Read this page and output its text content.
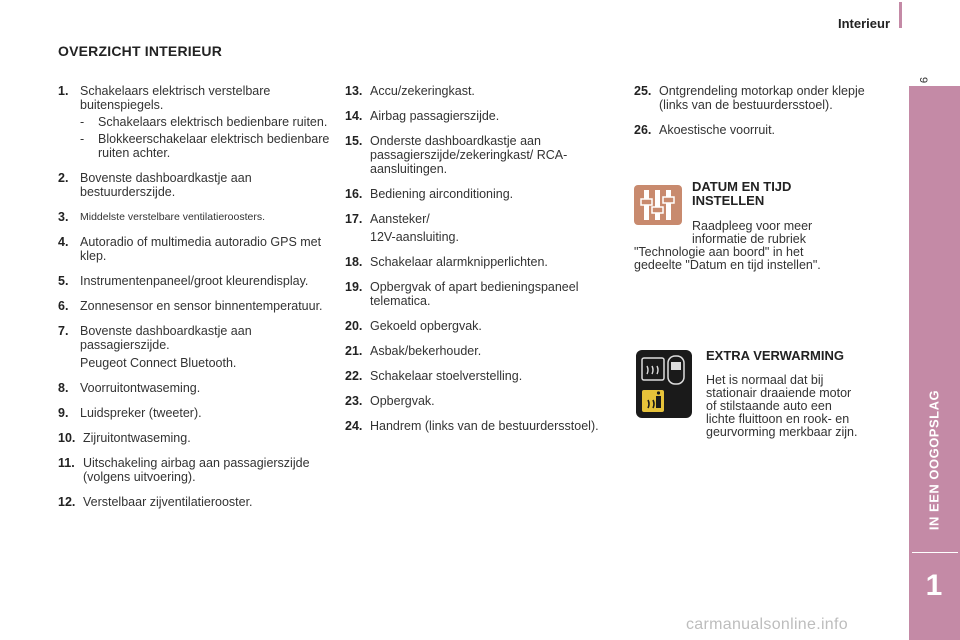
Interieur
9
OVERZICHT INTERIEUR
1. Schakelaars elektrisch verstelbare buitenspiegels.
-	Schakelaars elektrisch bedienbare ruiten.
-	Blokkeerschakelaar elektrisch bedienbare ruiten achter.
2. Bovenste dashboardkastje aan bestuurderszijde.
3.	Middelste verstelbare ventilatieroosters.
4. Autoradio of multimedia autoradio GPS met klep.
5. Instrumentenpaneel/groot kleurendisplay.
6. Zonnesensor en sensor binnentemperatuur.
7. Bovenste dashboardkastje aan passagierszijde.
Peugeot Connect Bluetooth.
8. Voorruitontwaseming.
9. Luidspreker (tweeter).
10. Zijruitontwaseming.
11. Uitschakeling airbag aan passagierszijde (volgens uitvoering).
12. Verstelbaar zijventilatierooster.
13. Accu/zekeringkast.
14. Airbag passagierszijde.
15. Onderste dashboardkastje aan passagierszijde/zekeringkast/ RCA-aansluitingen.
16. Bediening airconditioning.
17. Aansteker/
12V-aansluiting.
18. Schakelaar alarmknipperlichten.
19. Opbergvak of apart bedieningspaneel telematica.
20. Gekoeld opbergvak.
21. Asbak/bekerhouder.
22. Schakelaar stoelverstelling.
23. Opbergvak.
24. Handrem (links van de bestuurdersstoel).
25. Ontgrendeling motorkap onder klepje (links van de bestuurdersstoel).
26. Akoestische voorruit.
DATUM EN TIJD
INSTELLEN
Raadpleeg voor meer
informatie de rubriek
"Technologie aan boord" in het
gedeelte "Datum en tijd instellen".
EXTRA VERWARMING
Het is normaal dat bij
stationair draaiende motor
of stilstaande auto een
lichte fluittoon en rook- en
geurvorming merkbaar zijn.	IN EEN OOGOPSLAG
1
carmanualsonline.info
